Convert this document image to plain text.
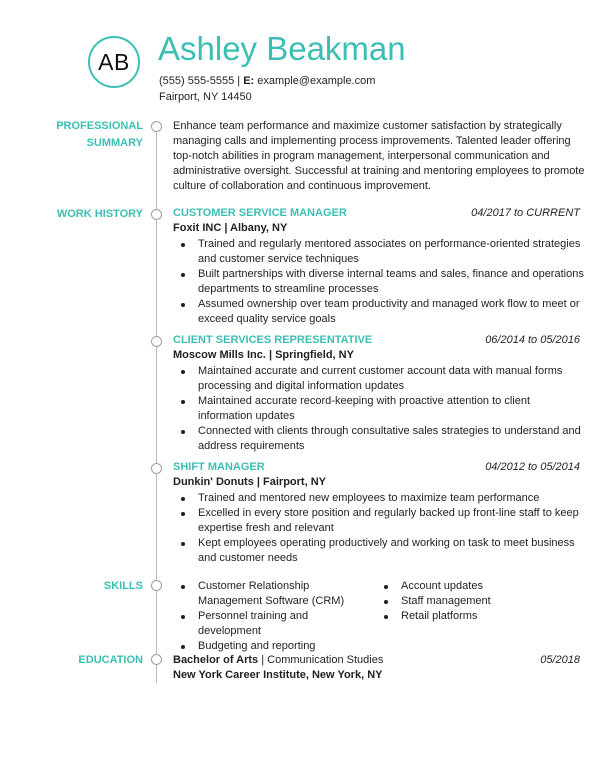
AB Ashley Beakman
(555) 555-5555 | E: example@example.com
Fairport, NY 14450
PROFESSIONAL
SUMMARY
Enhance team performance and maximize customer satisfaction by strategically managing calls and implementing process improvements. Talented leader offering top-notch abilities in program management, interpersonal communication and administrative oversight. Successful at training and mentoring employees to promote culture of collaboration and continuous improvement.
WORK HISTORY	CUSTOMER SERVICE MANAGER	04/2017 to CURRENT
Foxit INC | Albany, NY
Trained and regularly mentored associates on performance-oriented strategies and customer service techniques
Built partnerships with diverse internal teams and sales, finance and operations departments to streamline processes
Assumed ownership over team productivity and managed work flow to meet or exceed quality service goals
CLIENT SERVICES REPRESENTATIVE	06/2014 to 05/2016
Moscow Mills Inc. | Springfield, NY
Maintained accurate and current customer account data with manual forms processing and digital information updates
Maintained accurate record-keeping with proactive attention to client information updates
Connected with clients through consultative sales strategies to understand and address requirements
SHIFT MANAGER	04/2012 to 05/2014
Dunkin' Donuts | Fairport, NY
Trained and mentored new employees to maximize team performance
Excelled in every store position and regularly backed up front-line staff to keep expertise fresh and relevant
Kept employees operating productively and working on task to meet business and customer needs
SKILLS	Customer Relationship Management Software (CRM)
Personnel training and development
Budgeting and reporting
Account updates
Staff management
Retail platforms
EDUCATION	Bachelor of Arts | Communication Studies	05/2018
New York Career Institute, New York, NY
